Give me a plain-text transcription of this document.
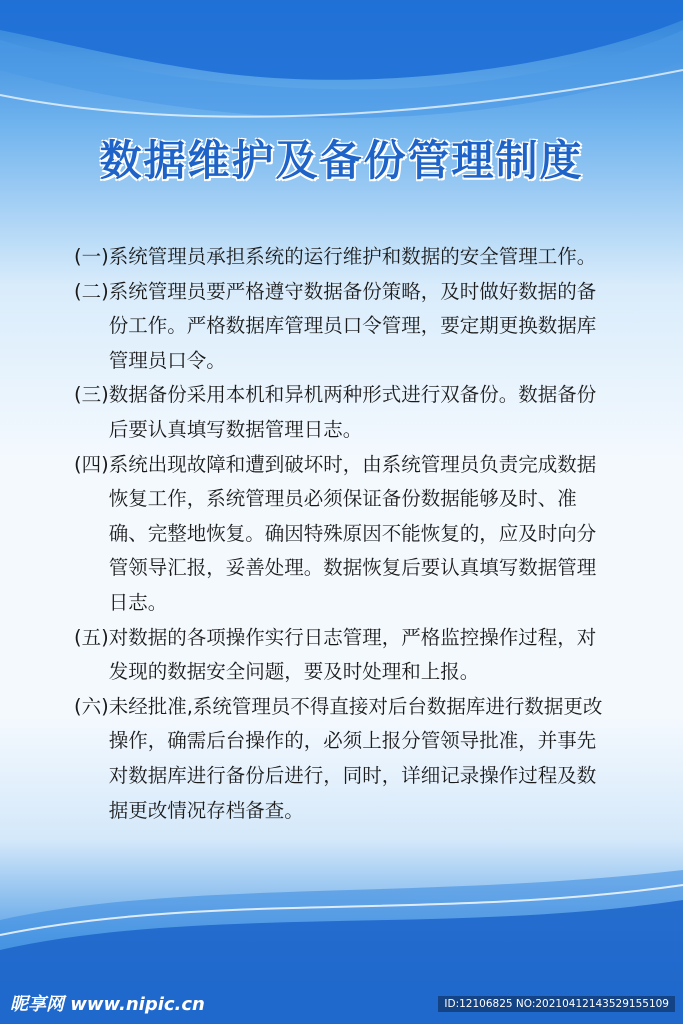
数据维护及备份管理制度
(一) 系统管理员承担系统的运行维护和数据的安全管理工作。
(二) 系统管理员要严格遵守数据备份策略，及时做好数据的备份工作。严格数据库管理员口令管理，要定期更换数据库管理员口令。
(三) 数据备份采用本机和异机两种形式进行双备份。数据备份后要认真填写数据管理日志。
(四) 系统出现故障和遭到破坏时，由系统管理员负责完成数据恢复工作，系统管理员必须保证备份数据能够及时、准确、完整地恢复。确因特殊原因不能恢复的，应及时向分管领导汇报，妥善处理。数据恢复后要认真填写数据管理日志。
(五) 对数据的各项操作实行日志管理，严格监控操作过程，对发现的数据安全问题，要及时处理和上报。
(六) 未经批准,系统管理员不得直接对后台数据库进行数据更改操作，确需后台操作的，必须上报分管领导批准，并事先对数据库进行备份后进行，同时，详细记录操作过程及数据更改情况存档备查。
昵享网 www.nipic.cn	ID:12106825 NO:20210412143529155109
